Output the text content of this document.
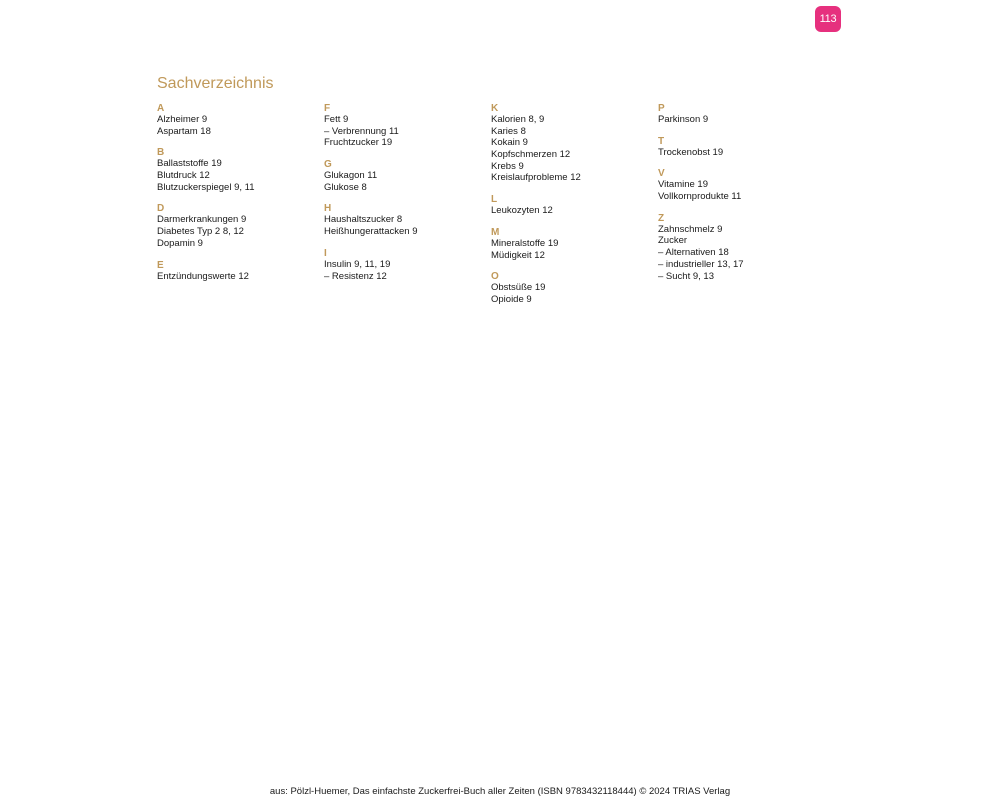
113
Sachverzeichnis
A
Alzheimer 9
Aspartam 18
B
Ballaststoffe 19
Blutdruck 12
Blutzuckerspiegel 9, 11
D
Darmerkrankungen 9
Diabetes Typ 2 8, 12
Dopamin 9
E
Entzündungswerte 12
F
Fett 9
– Verbrennung 11
Fruchtzucker 19
G
Glukagon 11
Glukose 8
H
Haushaltszucker 8
Heißhungerattacken 9
I
Insulin 9, 11, 19
– Resistenz 12
K
Kalorien 8, 9
Karies 8
Kokain 9
Kopfschmerzen 12
Krebs 9
Kreislaufprobleme 12
L
Leukozyten 12
M
Mineralstoffe 19
Müdigkeit 12
O
Obstsüße 19
Opioide 9
P
Parkinson 9
T
Trockenobst 19
V
Vitamine 19
Vollkornprodukte 11
Z
Zahnschmelz 9
Zucker
– Alternativen 18
– industrieller 13, 17
– Sucht 9, 13
aus: Pölzl-Huemer, Das einfachste Zuckerfrei-Buch aller Zeiten (ISBN 9783432118444) © 2024 TRIAS Verlag
